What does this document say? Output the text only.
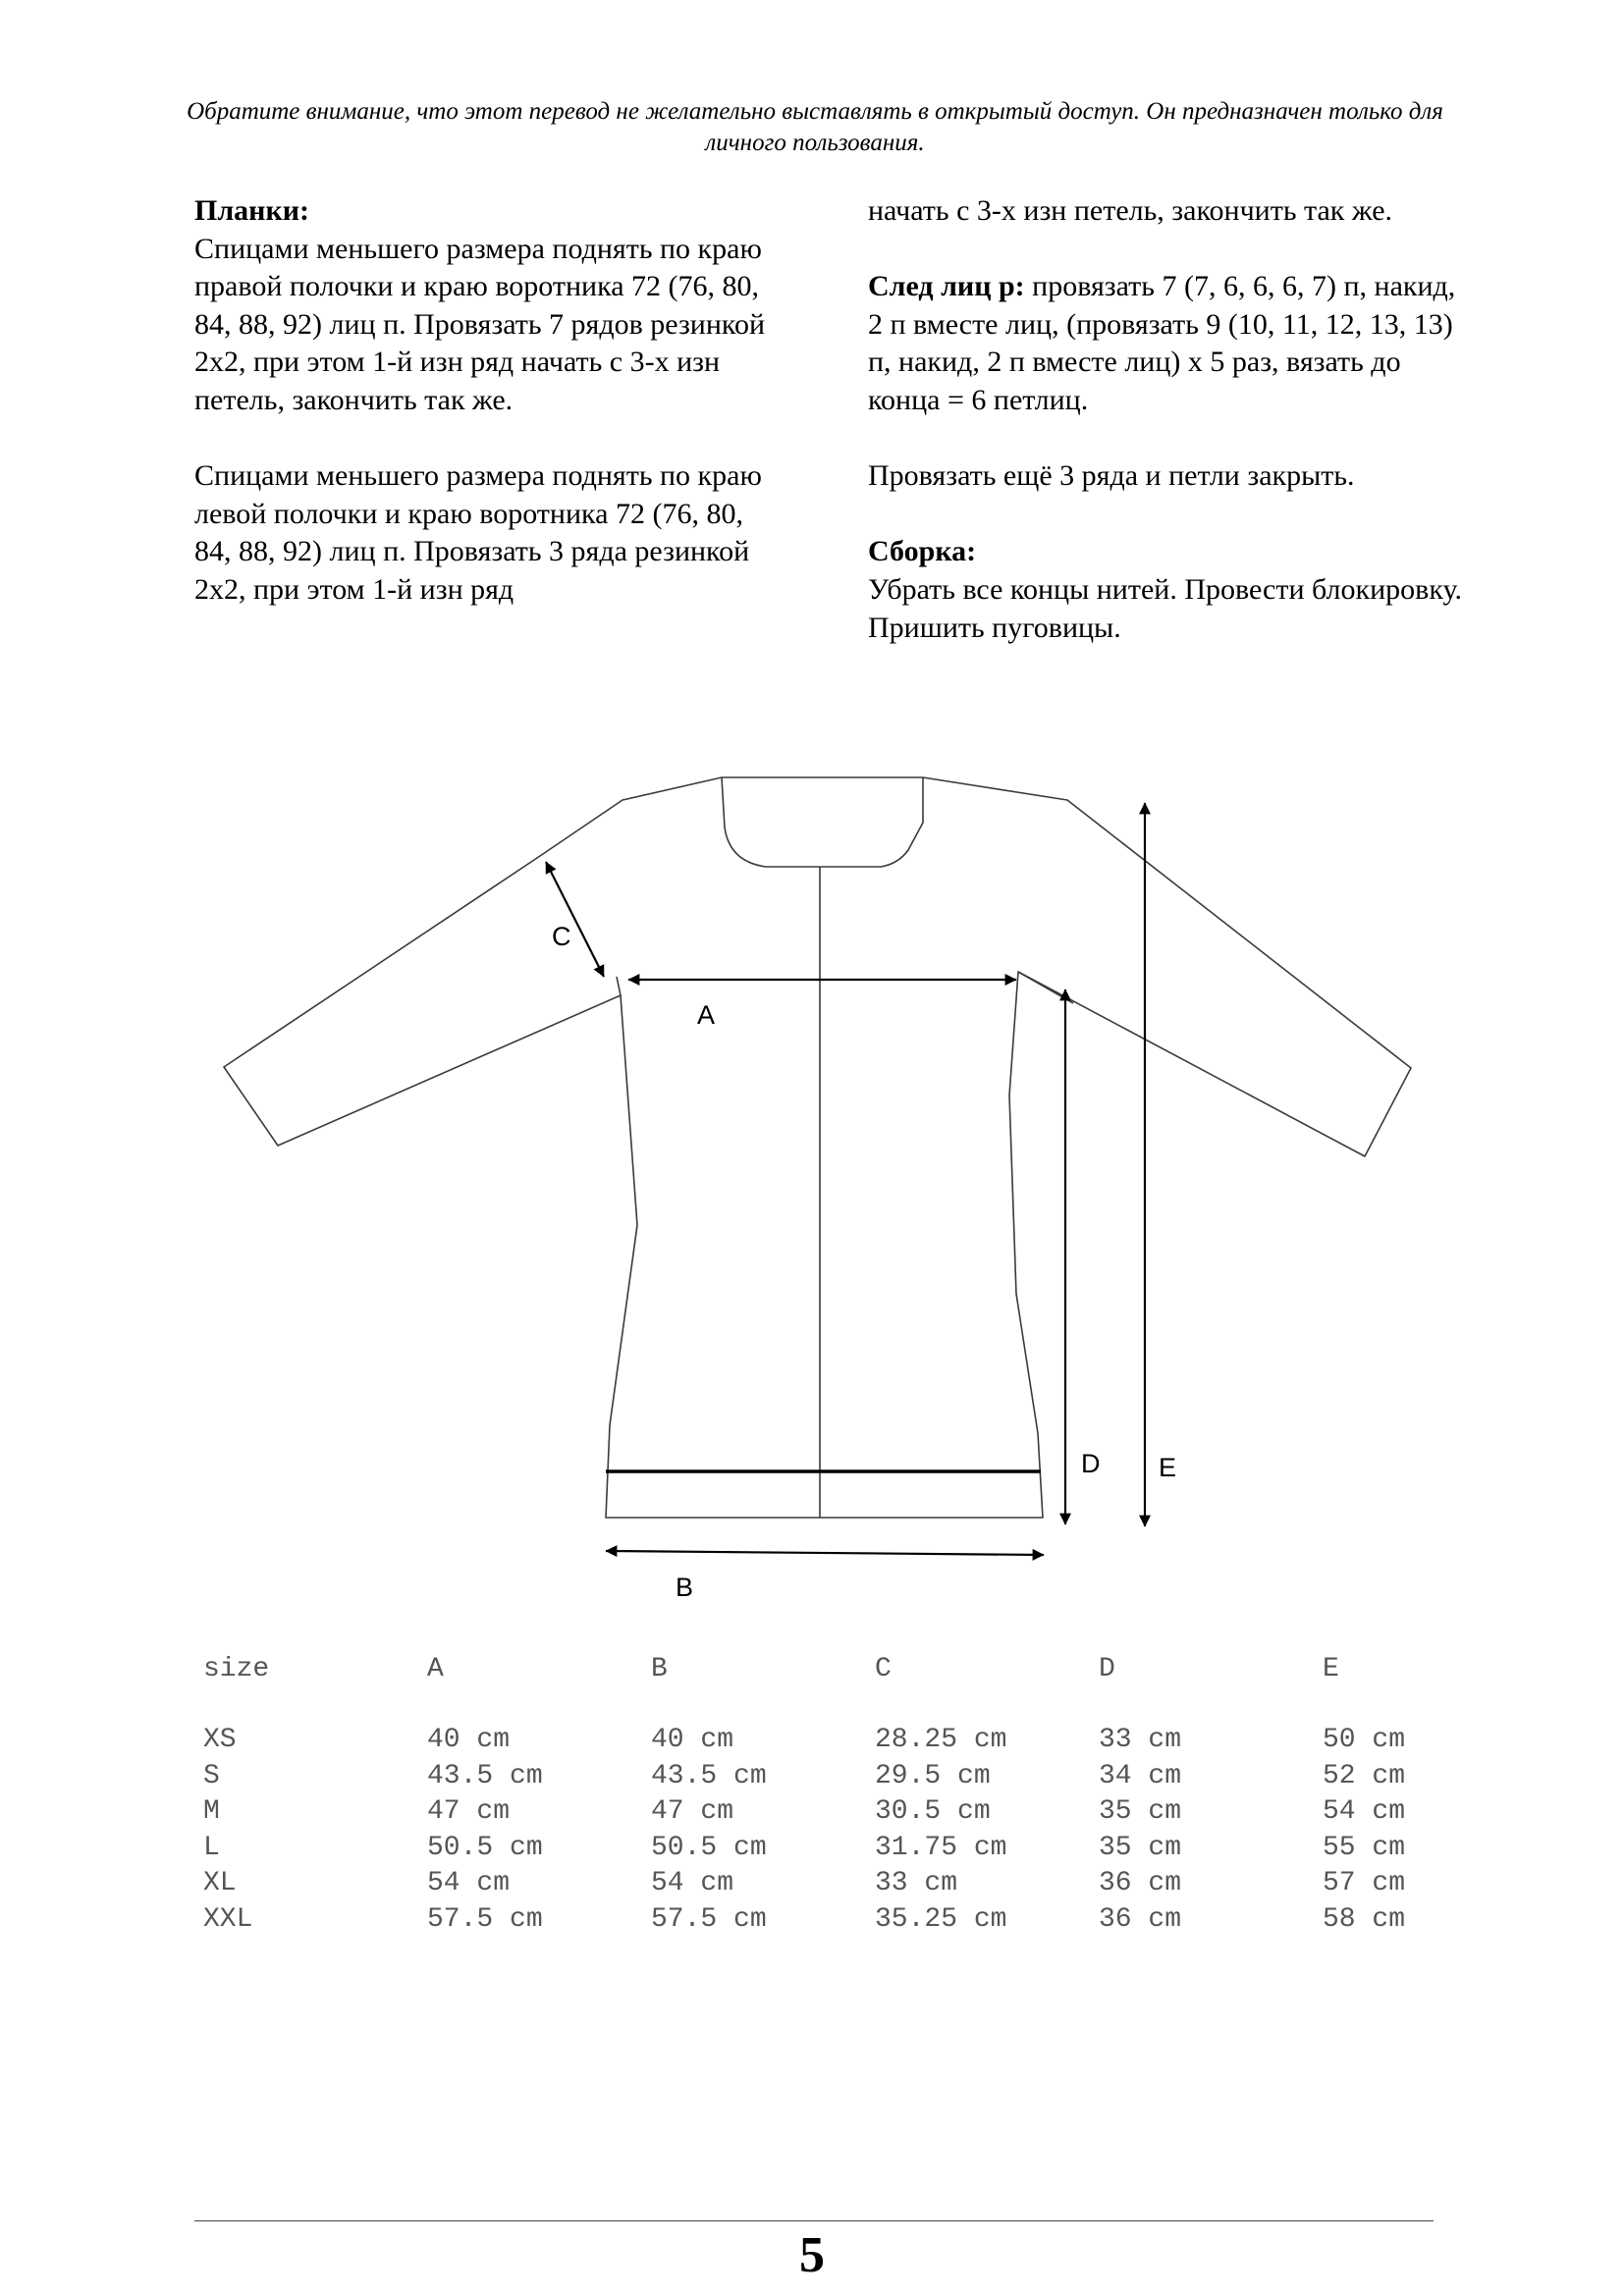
Обратите внимание, что этот перевод не желательно выставлять в открытый доступ. Он предназначен только для личного пользования.

Планки:

Спицами меньшего размера поднять по краю правой полочки и краю воротника 72 (76, 80, 84, 88, 92) лиц п. Провязать 7 рядов резинкой 2х2, при этом 1-й изн ряд начать с 3-х изн петель, закончить так же.

Спицами меньшего размера поднять по краю левой полочки и краю воротника 72 (76, 80, 84, 88, 92) лиц п. Провязать 3 ряда резинкой 2х2, при этом 1-й изн ряд

начать с 3-х изн петель, закончить так же.

След лиц р: провязать 7 (7, 6, 6, 6, 7) п, накид, 2 п вместе лиц, (провязать 9 (10, 11, 12, 13, 13) п, накид, 2 п вместе лиц) х 5 раз, вязать до конца = 6 петлиц.

Провязать ещё 3 ряда и петли закрыть.

Сборка:

Убрать все концы нитей. Провести блокировку. Пришить пуговицы.

C
A
D E
B
size	A	B	C	D	E

XS	40 cm	40 cm	28.25 cm	33 cm	50 cm
S	43.5 cm	43.5 cm	29.5 cm	34 cm	52 cm
M	47 cm	47 cm	30.5 cm	35 cm	54 cm
L	50.5 cm	50.5 cm	31.75 cm	35 cm	55 cm
XL	54 cm	54 cm	33 cm	36 cm	57 cm
XXL	57.5 cm	57.5 cm	35.25 cm	36 cm	58 cm
5
